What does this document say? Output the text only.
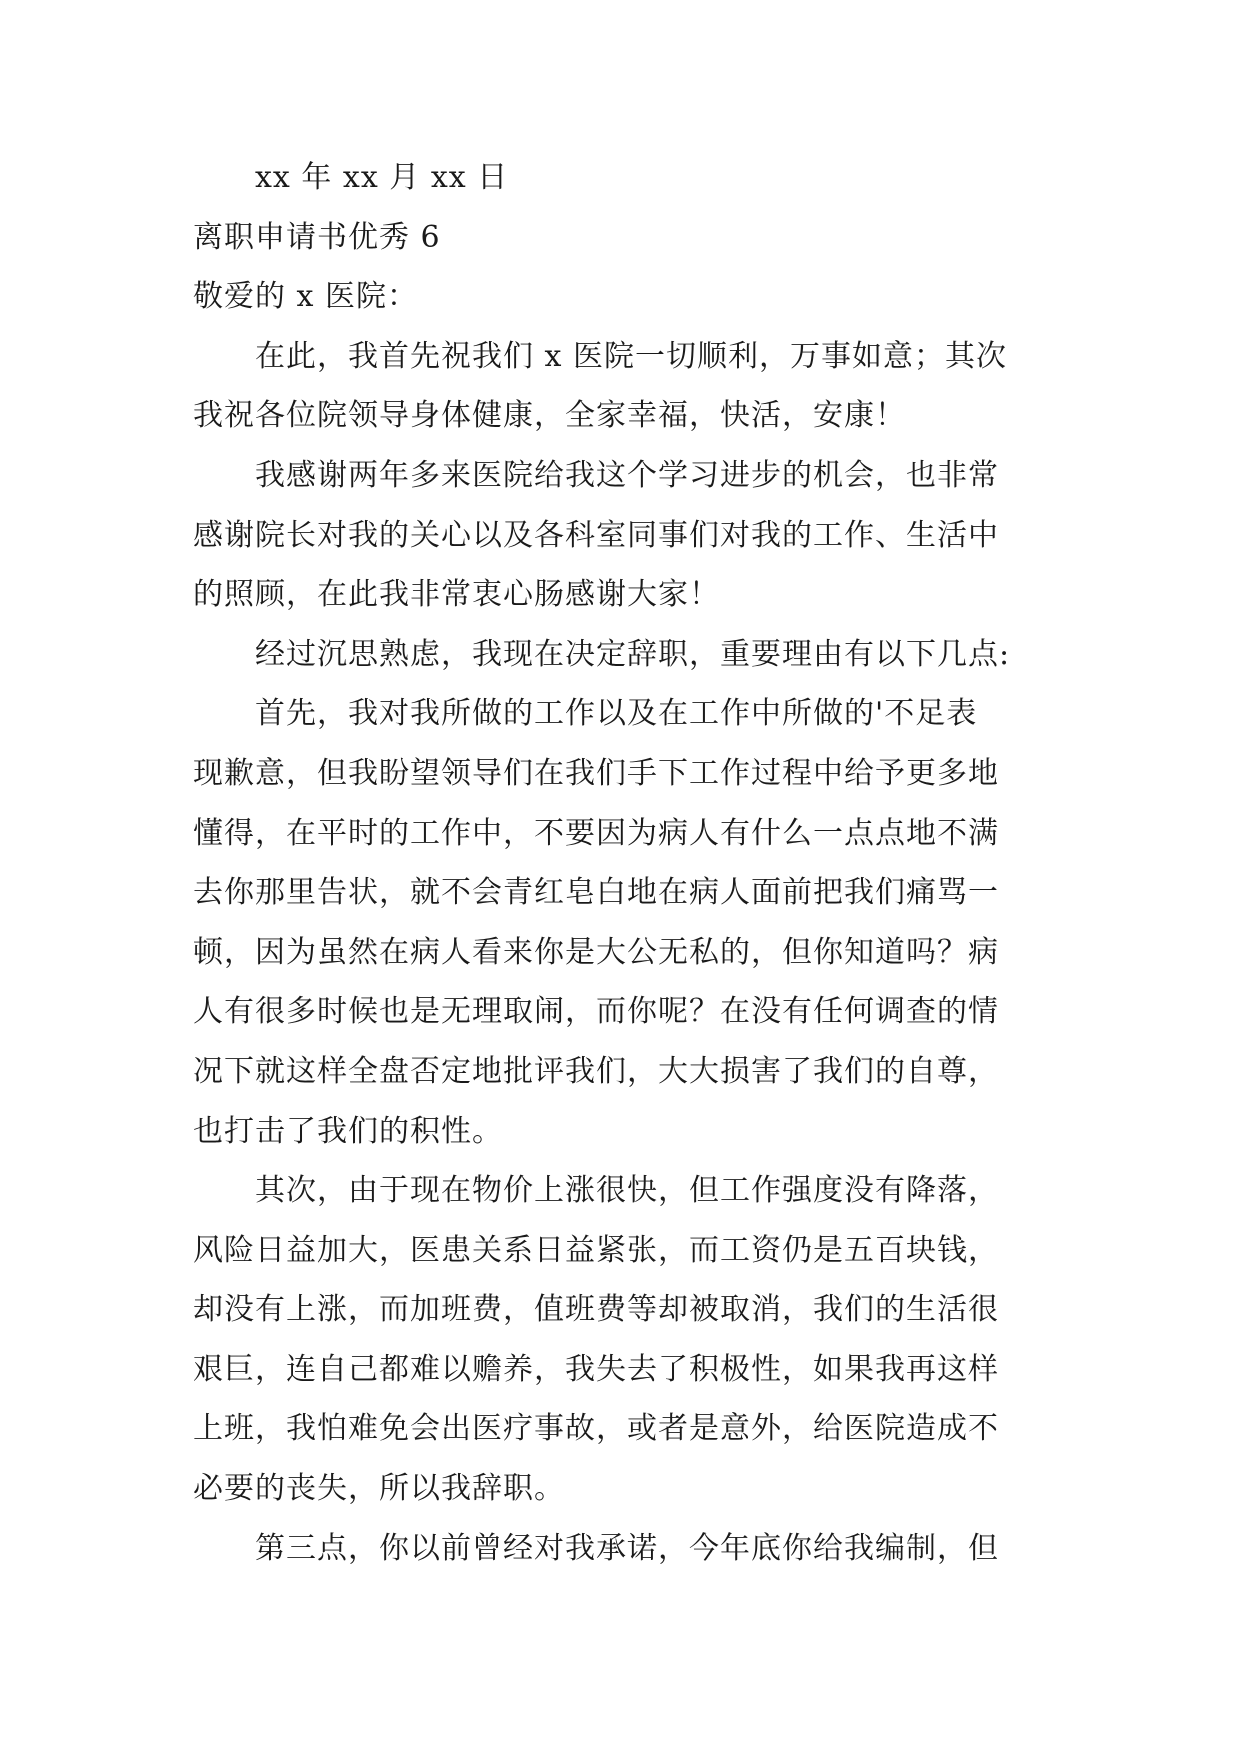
xx 年 xx 月 xx 日
离职申请书优秀 6
敬爱的 x 医院：
在此，我首先祝我们 x 医院一切顺利，万事如意；其次
我祝各位院领导身体健康，全家幸福，快活，安康！
我感谢两年多来医院给我这个学习进步的机会，也非常
感谢院长对我的关心以及各科室同事们对我的工作、生活中
的照顾，在此我非常衷心肠感谢大家！
经过沉思熟虑，我现在决定辞职，重要理由有以下几点:
首先，我对我所做的工作以及在工作中所做的'不足表
现歉意，但我盼望领导们在我们手下工作过程中给予更多地
懂得，在平时的工作中，不要因为病人有什么一点点地不满
去你那里告状，就不会青红皂白地在病人面前把我们痛骂一
顿，因为虽然在病人看来你是大公无私的，但你知道吗？病
人有很多时候也是无理取闹，而你呢？在没有任何调查的情
况下就这样全盘否定地批评我们，大大损害了我们的自尊，
也打击了我们的积性。
其次，由于现在物价上涨很快，但工作强度没有降落，
风险日益加大，医患关系日益紧张，而工资仍是五百块钱，
却没有上涨，而加班费，值班费等却被取消，我们的生活很
艰巨，连自己都难以赡养，我失去了积极性，如果我再这样
上班，我怕难免会出医疗事故，或者是意外，给医院造成不
必要的丧失，所以我辞职。
第三点，你以前曾经对我承诺，今年底你给我编制，但
